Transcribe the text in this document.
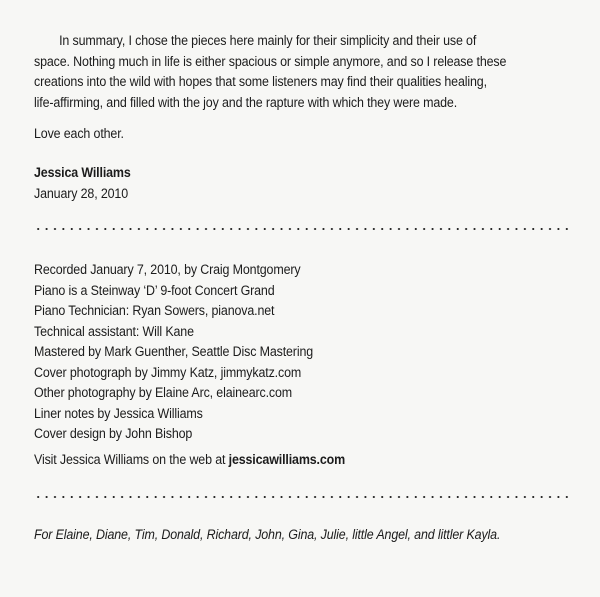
In summary, I chose the pieces here mainly for their simplicity and their use of
space. Nothing much in life is either spacious or simple anymore, and so I release these
creations into the wild with hopes that some listeners may find their qualities healing,
life-affirming, and filled with the joy and the rapture with which they were made.
Love each other.
Jessica Williams
January 28, 2010
Recorded January 7, 2010, by Craig Montgomery
Piano is a Steinway ‘D’ 9-foot Concert Grand
Piano Technician: Ryan Sowers, pianova.net
Technical assistant: Will Kane
Mastered by Mark Guenther, Seattle Disc Mastering
Cover photograph by Jimmy Katz, jimmykatz.com
Other photography by Elaine Arc, elainearc.com
Liner notes by Jessica Williams
Cover design by John Bishop
Visit Jessica Williams on the web at jessicawilliams.com
For Elaine, Diane, Tim, Donald, Richard, John, Gina, Julie, little Angel, and littler Kayla.
